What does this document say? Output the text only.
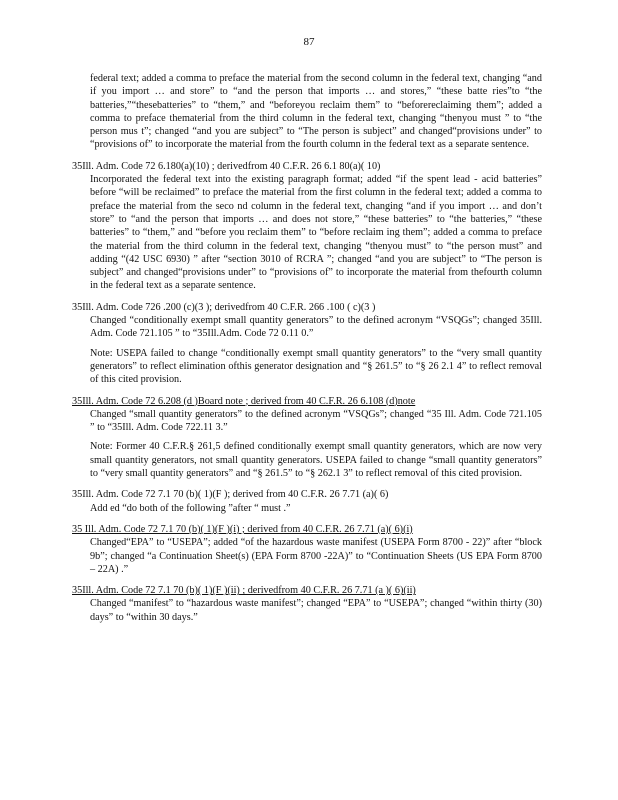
87

federal text; added a comma to preface the material from the second column in the federal text, changing “and if you import … and store” to “and the person that imports … and stores,” “these batte ries”to “the batteries,”“thesebatteries” to “them,” and “beforeyou reclaim them” to “beforereclaiming them”; added a comma to preface thematerial from the third column in the federal text, changing “thenyou must ” to “the person mus t”; changed “and you are subject” to “The person is subject” and changed“provisions under” to “provisions of” to incorporate the material from the fourth column in the federal text as a separate sentence.

35Ill. Adm. Code 72 6.180(a)(10) ; derivedfrom 40 C.F.R. 26 6.1 80(a)( 10)

Incorporated the federal text into the existing paragraph format; added “if the spent lead - acid batteries” before “will be reclaimed” to preface the material from the first column in the federal text; added a comma to preface the material from the seco nd column in the federal text, changing “and if you import … and don’t store” to “and the person that imports … and does not store,” “these batteries” to “the batteries,” “these batteries” to “them,” and “before you reclaim them” to “before reclaim ing them”; added a comma to preface the material from the third column in the federal text, changing “thenyou must” to “the person must” and adding “(42 USC 6930) ” after “section 3010 of RCRA ”; changed “and you are subject” to “The person is subject” and changed“provisions under” to “provisions of” to incorporate the material from thefourth column in the federal text as a separate sentence.

35Ill. Adm. Code 726 .200 (c)(3 ); derivedfrom 40 C.F.R. 266 .100 ( c)(3 )

Changed “conditionally exempt small quantity generators” to the defined acronym “VSQGs”; changed 35Ill. Adm. Code 721.105 ” to “35Ill.Adm. Code 72 0.11 0.”

Note: USEPA failed to change “conditionally exempt small quantity generators” to the “very small quantity generators” to reflect elimination ofthis generator designation and “§ 261.5” to “§ 26 2.1 4” to reflect removal of this cited provision.

35Ill. Adm. Code 72 6.208 (d )Board note ; derived from 40 C.F.R. 26 6.108 (d)note

Changed “small quantity generators” to the defined acronym “VSQGs”; changed “35 Ill. Adm. Code 721.105 ” to “35Ill. Adm. Code 722.11 3.”

Note: Former 40 C.F.R.§ 261,5 defined conditionally exempt small quantity generators, which are now very small quantity generators, not small quantity generators. USEPA failed to change “small quantity generators” to “very small quantity generators” and “§ 261.5” to “§ 262.1 3” to reflect removal of this cited provision.

35Ill. Adm. Code 72 7.1 70 (b)( 1)(F ); derived from 40 C.F.R. 26 7.71 (a)( 6)

Add ed “do both of the following ”after “ must .”

35 Ill. Adm. Code 72 7.1 70 (b)( 1)(F )(i) ; derived from 40 C.F.R. 26 7.71 (a)( 6)(i)

Changed“EPA” to “USEPA”; added “of the hazardous waste manifest (USEPA Form 8700 - 22)” after “block 9b”; changed “a Continuation Sheet(s) (EPA Form 8700 -22A)” to “Continuation Sheets (US EPA Form 8700 – 22A) .”

35Ill. Adm. Code 72 7.1 70 (b)( 1)(F )(ii) ; derivedfrom 40 C.F.R. 26 7.71 (a )( 6)(ii)

Changed “manifest” to “hazardous waste manifest”; changed “EPA” to “USEPA”; changed “within thirty (30) days” to “within 30 days.”
